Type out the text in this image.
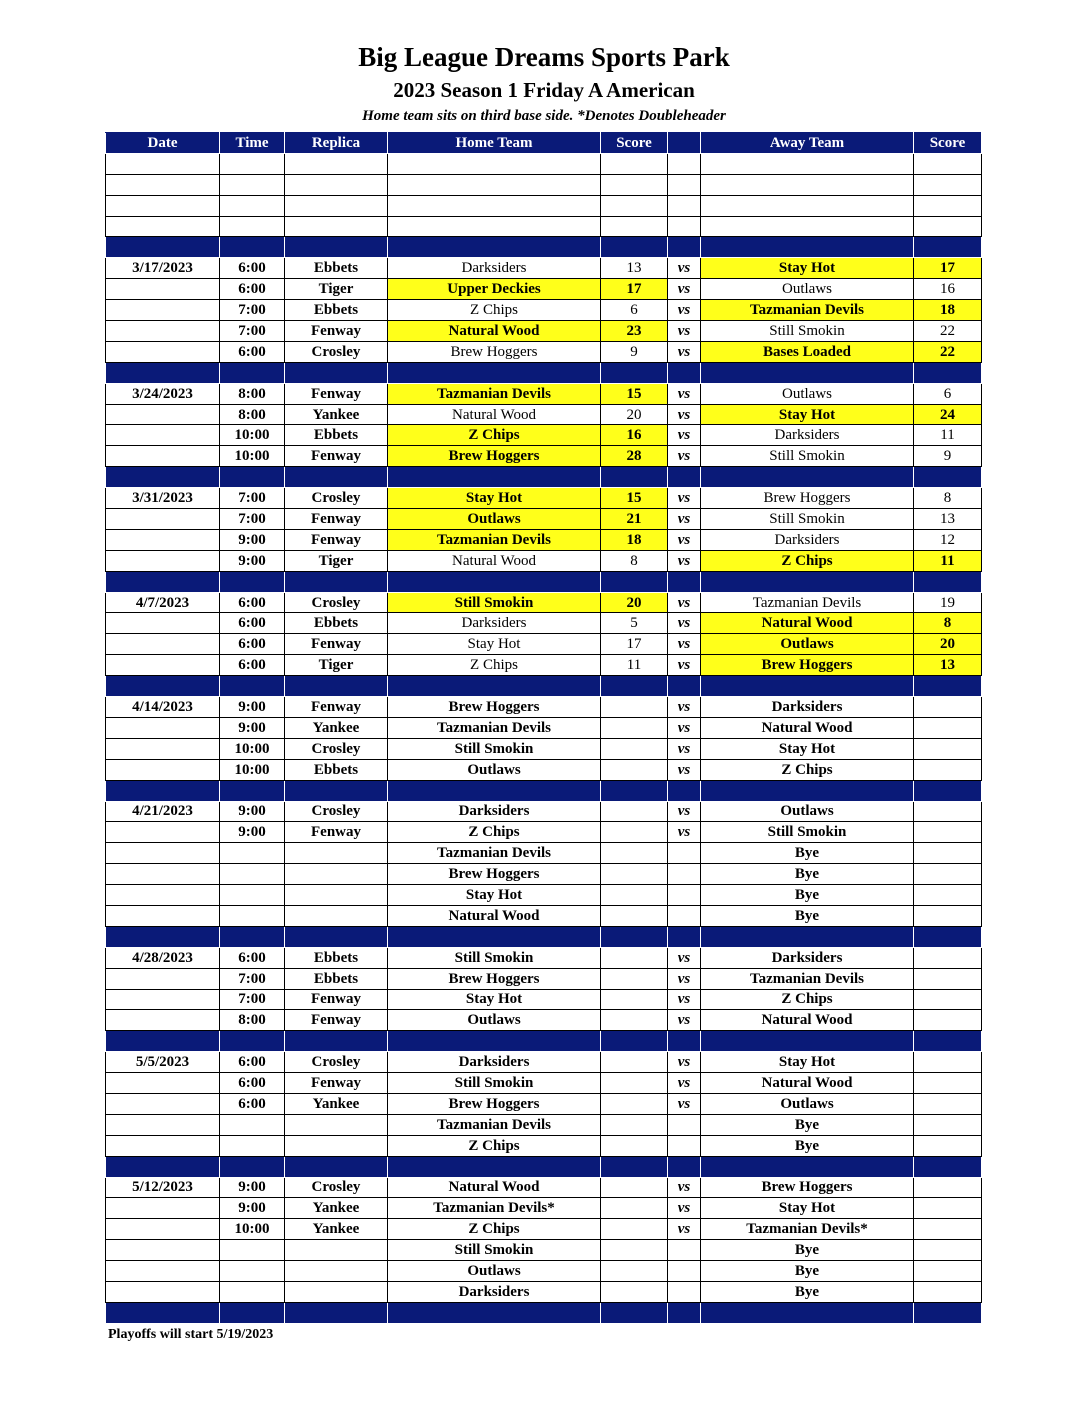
Big League Dreams Sports Park
2023 Season 1 Friday A American
Home team sits on third base side. *Denotes Doubleheader
Date	Time	Replica	Home Team	Score		Away Team	Score

3/17/2023	6:00	Ebbets	Darksiders	13	vs	Stay Hot	17
	6:00	Tiger	Upper Deckies	17	vs	Outlaws	16
	7:00	Ebbets	Z Chips	6	vs	Tazmanian Devils	18
	7:00	Fenway	Natural Wood	23	vs	Still Smokin	22
	6:00	Crosley	Brew Hoggers	9	vs	Bases Loaded	22

3/24/2023	8:00	Fenway	Tazmanian Devils	15	vs	Outlaws	6
	8:00	Yankee	Natural Wood	20	vs	Stay Hot	24
	10:00	Ebbets	Z Chips	16	vs	Darksiders	11
	10:00	Fenway	Brew Hoggers	28	vs	Still Smokin	9

3/31/2023	7:00	Crosley	Stay Hot	15	vs	Brew Hoggers	8
	7:00	Fenway	Outlaws	21	vs	Still Smokin	13
	9:00	Fenway	Tazmanian Devils	18	vs	Darksiders	12
	9:00	Tiger	Natural Wood	8	vs	Z Chips	11

4/7/2023	6:00	Crosley	Still Smokin	20	vs	Tazmanian Devils	19
	6:00	Ebbets	Darksiders	5	vs	Natural Wood	8
	6:00	Fenway	Stay Hot	17	vs	Outlaws	20
	6:00	Tiger	Z Chips	11	vs	Brew Hoggers	13

4/14/2023	9:00	Fenway	Brew Hoggers		vs	Darksiders	
	9:00	Yankee	Tazmanian Devils		vs	Natural Wood	
	10:00	Crosley	Still Smokin		vs	Stay Hot	
	10:00	Ebbets	Outlaws		vs	Z Chips	

4/21/2023	9:00	Crosley	Darksiders		vs	Outlaws	
	9:00	Fenway	Z Chips		vs	Still Smokin	
			Tazmanian Devils			Bye	
			Brew Hoggers			Bye	
			Stay Hot			Bye	
			Natural Wood			Bye	

4/28/2023	6:00	Ebbets	Still Smokin		vs	Darksiders	
	7:00	Ebbets	Brew Hoggers		vs	Tazmanian Devils	
	7:00	Fenway	Stay Hot		vs	Z Chips	
	8:00	Fenway	Outlaws		vs	Natural Wood	

5/5/2023	6:00	Crosley	Darksiders		vs	Stay Hot	
	6:00	Fenway	Still Smokin		vs	Natural Wood	
	6:00	Yankee	Brew Hoggers		vs	Outlaws	
			Tazmanian Devils			Bye	
			Z Chips			Bye	

5/12/2023	9:00	Crosley	Natural Wood		vs	Brew Hoggers	
	9:00	Yankee	Tazmanian Devils*		vs	Stay Hot	
	10:00	Yankee	Z Chips		vs	Tazmanian Devils*	
			Still Smokin			Bye	
			Outlaws			Bye	
			Darksiders			Bye	

Playoffs will start 5/19/2023
